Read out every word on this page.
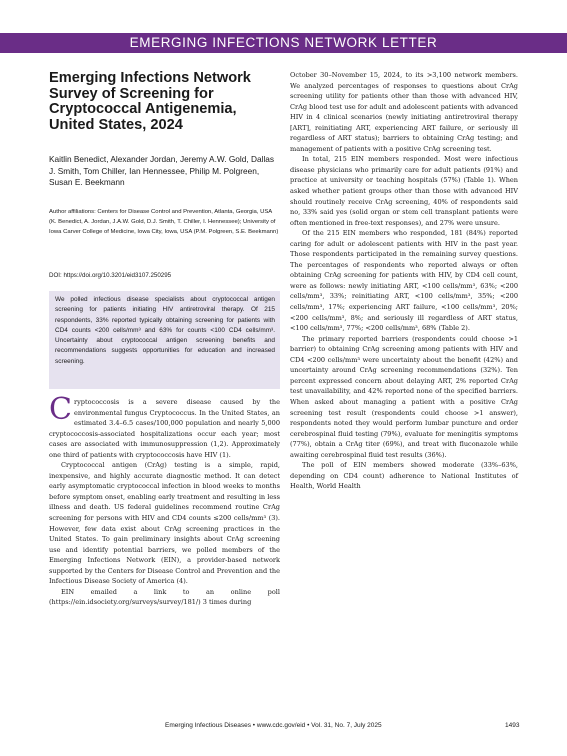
EMERGING INFECTIONS NETWORK LETTER
Emerging Infections Network Survey of Screening for Cryptococcal Antigenemia, United States, 2024
Kaitlin Benedict, Alexander Jordan, Jeremy A.W. Gold, Dallas J. Smith, Tom Chiller, Ian Hennessee, Philip M. Polgreen, Susan E. Beekmann
Author affiliations: Centers for Disease Control and Prevention, Atlanta, Georgia, USA (K. Benedict, A. Jordan, J.A.W. Gold, D.J. Smith, T. Chiller, I. Hennessee); University of Iowa Carver College of Medicine, Iowa City, Iowa, USA (P.M. Polgreen, S.E. Beekmann)
DOI: https://doi.org/10.3201/eid3107.250295
We polled infectious disease specialists about cryptococcal antigen screening for patients initiating HIV antiretroviral therapy. Of 215 respondents, 33% reported typically obtaining screening for patients with CD4 counts <200 cells/mm³ and 63% for counts <100 CD4 cells/mm³. Uncertainty about cryptococcal antigen screening benefits and recommendations suggests opportunities for education and increased screening.
C ryptococcosis is a severe disease caused by the environmental fungus Cryptococcus. In the United States, an estimated 3.4–6.5 cases/100,000 population and nearly 5,000 cryptococcosis-associated hospitalizations occur each year; most cases are associated with immunosuppression (1,2). Approximately one third of patients with cryptococcosis have HIV (1).

Cryptococcal antigen (CrAg) testing is a simple, rapid, inexpensive, and highly accurate diagnostic method. It can detect early asymptomatic cryptococcal infection in blood weeks to months before symptom onset, enabling early treatment and resulting in less illness and death. US federal guidelines recommend routine CrAg screening for persons with HIV and CD4 counts ≤200 cells/mm³ (3). However, few data exist about CrAg screening practices in the United States. To gain preliminary insights about CrAg screening use and identify potential barriers, we polled members of the Emerging Infections Network (EIN), a provider-based network supported by the Centers for Disease Control and Prevention and the Infectious Disease Society of America (4).

EIN emailed a link to an online poll (https://ein.idsociety.org/surveys/survey/181/) 3 times during

October 30–November 15, 2024, to its >3,100 network members. We analyzed percentages of responses to questions about CrAg screening utility for patients other than those with advanced HIV, CrAg blood test use for adult and adolescent patients with advanced HIV in 4 clinical scenarios (newly initiating antiretroviral therapy [ART], reinitiating ART, experiencing ART failure, or seriously ill regardless of ART status); barriers to obtaining CrAg testing; and management of patients with a positive CrAg screening test.

In total, 215 EIN members responded. Most were infectious disease physicians who primarily care for adult patients (91%) and practice at university or teaching hospitals (57%) (Table 1). When asked whether patient groups other than those with advanced HIV should routinely receive CrAg screening, 40% of respondents said no, 33% said yes (solid organ or stem cell transplant patients were often mentioned in free-text responses), and 27% were unsure.

Of the 215 EIN members who responded, 181 (84%) reported caring for adult or adolescent patients with HIV in the past year. Those respondents participated in the remaining survey questions. The percentages of respondents who reported always or often obtaining CrAg screening for patients with HIV, by CD4 cell count, were as follows: newly initiating ART, <100 cells/mm³, 63%; <200 cells/mm³, 33%; reinitiating ART, <100 cells/mm³, 35%; <200 cells/mm³, 17%; experiencing ART failure, <100 cells/mm³, 20%; <200 cells/mm³, 8%; and seriously ill regardless of ART status, <100 cells/mm³, 77%; <200 cells/mm³, 68% (Table 2).

The primary reported barriers (respondents could choose >1 barrier) to obtaining CrAg screening among patients with HIV and CD4 <200 cells/mm³ were uncertainty about the benefit (42%) and uncertainty around CrAg screening recommendations (32%). Ten percent expressed concern about delaying ART, 2% reported CrAg test unavailability, and 42% reported none of the specified barriers. When asked about managing a patient with a positive CrAg screening test result (respondents could choose >1 answer), respondents noted they would perform lumbar puncture and order cerebrospinal fluid testing (79%), evaluate for meningitis symptoms (77%), obtain a CrAg titer (69%), and treat with fluconazole while awaiting cerebrospinal fluid test results (36%).

The poll of EIN members showed moderate (33%–63%, depending on CD4 count) adherence to National Institutes of Health, World Health

Emerging Infectious Diseases • www.cdc.gov/eid • Vol. 31, No. 7, July 2025	1493
